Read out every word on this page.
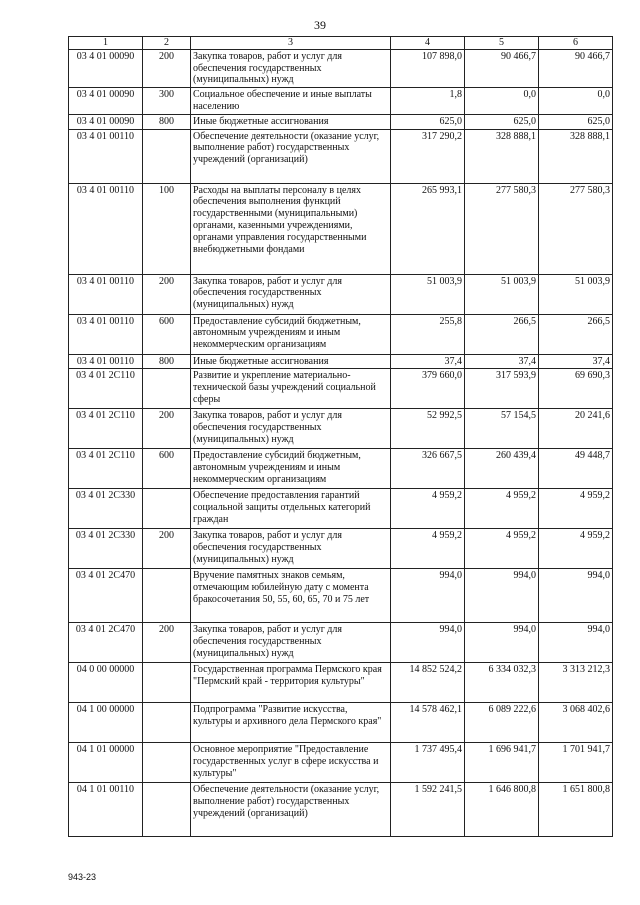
39
1	2	3	4	5	6
03 4 01 00090	200	Закупка товаров, работ и услуг для обеспечения государственных (муниципальных) нужд	107 898,0	90 466,7	90 466,7
03 4 01 00090	300	Социальное обеспечение и иные выплаты населению	1,8	0,0	0,0
03 4 01 00090	800	Иные бюджетные ассигнования	625,0	625,0	625,0
03 4 01 00110		Обеспечение деятельности (оказание услуг, выполнение работ) государственных учреждений (организаций)	317 290,2	328 888,1	328 888,1
03 4 01 00110	100	Расходы на выплаты персоналу в целях обеспечения выполнения функций государственными (муниципальными) органами, казенными учреждениями, органами управления государственными внебюджетными фондами	265 993,1	277 580,3	277 580,3
03 4 01 00110	200	Закупка товаров, работ и услуг для обеспечения государственных (муниципальных) нужд	51 003,9	51 003,9	51 003,9
03 4 01 00110	600	Предоставление субсидий бюджетным, автономным учреждениям и иным некоммерческим организациям	255,8	266,5	266,5
03 4 01 00110	800	Иные бюджетные ассигнования	37,4	37,4	37,4
03 4 01 2С110		Развитие и укрепление материально-технической базы учреждений социальной сферы	379 660,0	317 593,9	69 690,3
03 4 01 2С110	200	Закупка товаров, работ и услуг для обеспечения государственных (муниципальных) нужд	52 992,5	57 154,5	20 241,6
03 4 01 2С110	600	Предоставление субсидий бюджетным, автономным учреждениям и иным некоммерческим организациям	326 667,5	260 439,4	49 448,7
03 4 01 2С330		Обеспечение предоставления гарантий социальной защиты отдельных категорий граждан	4 959,2	4 959,2	4 959,2
03 4 01 2С330	200	Закупка товаров, работ и услуг для обеспечения государственных (муниципальных) нужд	4 959,2	4 959,2	4 959,2
03 4 01 2С470		Вручение памятных знаков семьям, отмечающим юбилейную дату с момента бракосочетания 50, 55, 60, 65, 70 и 75 лет	994,0	994,0	994,0
03 4 01 2С470	200	Закупка товаров, работ и услуг для обеспечения государственных (муниципальных) нужд	994,0	994,0	994,0
04 0 00 00000		Государственная программа Пермского края "Пермский край - территория культуры"	14 852 524,2	6 334 032,3	3 313 212,3
04 1 00 00000		Подпрограмма "Развитие искусства, культуры и архивного дела Пермского края"	14 578 462,1	6 089 222,6	3 068 402,6
04 1 01 00000		Основное мероприятие "Предоставление государственных услуг в сфере искусства и культуры"	1 737 495,4	1 696 941,7	1 701 941,7
04 1 01 00110		Обеспечение деятельности (оказание услуг, выполнение работ) государственных учреждений (организаций)	1 592 241,5	1 646 800,8	1 651 800,8
943-23
